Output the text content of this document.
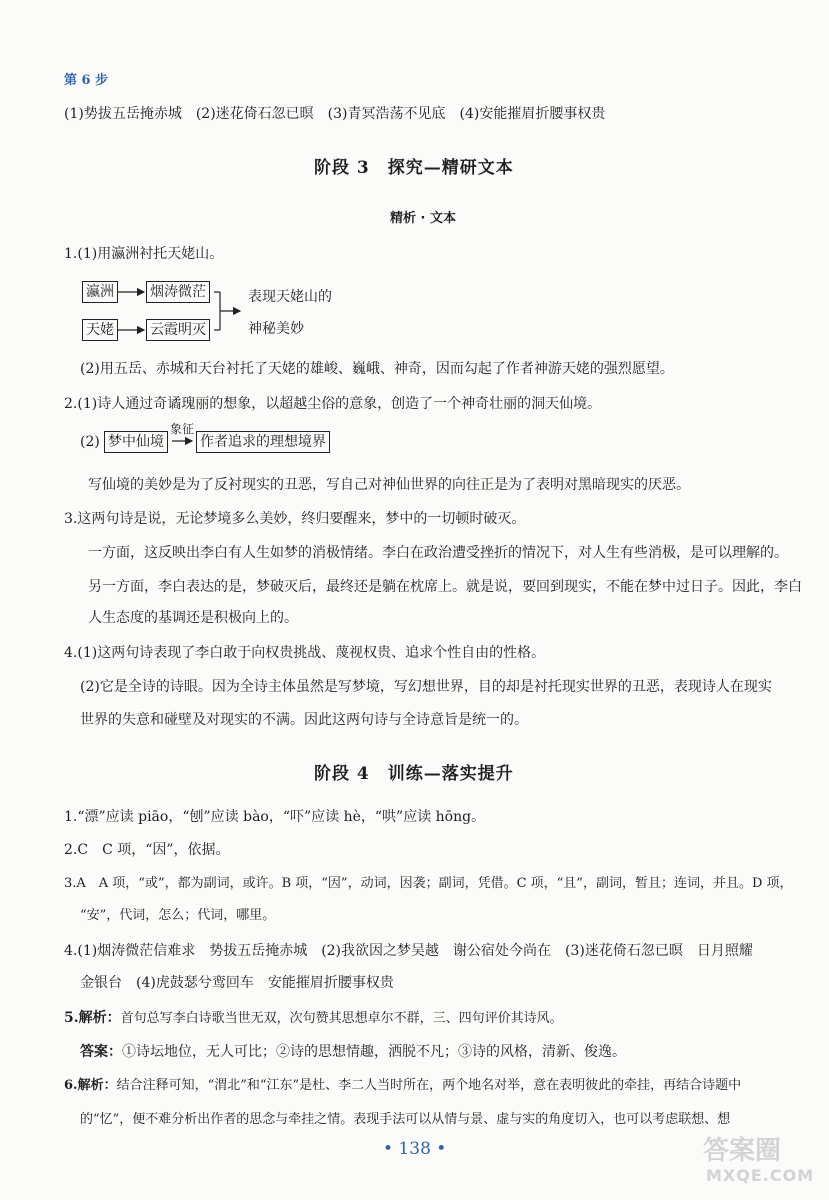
第 6 步
(1)势拔五岳掩赤城　(2)迷花倚石忽已暝　(3)青冥浩荡不见底　(4)安能摧眉折腰事权贵
阶段 3　探究—精研文本
精析 · 文本
1.(1)用瀛洲衬托天姥山。
瀛洲	烟涛微茫
天姥	云霞明灭
表现天姥山的
神秘美妙
(2)用五岳、赤城和天台衬托了天姥的雄峻、巍峨、神奇，因而勾起了作者神游天姥的强烈愿望。
2.(1)诗人通过奇谲瑰丽的想象，以超越尘俗的意象，创造了一个神奇壮丽的洞天仙境。
(2) 梦中仙境
象征
作者追求的理想境界
写仙境的美妙是为了反衬现实的丑恶，写自己对神仙世界的向往正是为了表明对黑暗现实的厌恶。
3.这两句诗是说，无论梦境多么美妙，终归要醒来，梦中的一切顿时破灭。
一方面，这反映出李白有人生如梦的消极情绪。李白在政治遭受挫折的情况下，对人生有些消极，是可以理解的。
另一方面，李白表达的是，梦破灭后，最终还是躺在枕席上。就是说，要回到现实，不能在梦中过日子。因此，李白
人生态度的基调还是积极向上的。
4.(1)这两句诗表现了李白敢于向权贵挑战、蔑视权贵、追求个性自由的性格。
(2)它是全诗的诗眼。因为全诗主体虽然是写梦境，写幻想世界，目的却是衬托现实世界的丑恶，表现诗人在现实
世界的失意和碰壁及对现实的不满。因此这两句诗与全诗意旨是统一的。
阶段 4　训练—落实提升
1.“漂”应读 piāo，“刨”应读 bào，“吓”应读 hè，“哄”应读 hōng。
2.C　C 项，“因”，依据。
3.A　A 项，“或”，都为副词，或许。B 项，“因”，动词，因袭；副词，凭借。C 项，“且”，副词，暂且；连词，并且。D 项，
“安”，代词，怎么；代词，哪里。
4.(1)烟涛微茫信难求　势拔五岳掩赤城　(2)我欲因之梦吴越　谢公宿处今尚在　(3)迷花倚石忽已暝　日月照耀
金银台　(4)虎鼓瑟兮鸾回车　安能摧眉折腰事权贵
5.解析：首句总写李白诗歌当世无双，次句赞其思想卓尔不群，三、四句评价其诗风。
答案：①诗坛地位，无人可比；②诗的思想情趣，洒脱不凡；③诗的风格，清新、俊逸。
6.解析：结合注释可知，“渭北”和“江东”是杜、李二人当时所在，两个地名对举，意在表明彼此的牵挂，再结合诗题中
的“忆”，便不难分析出作者的思念与牵挂之情。表现手法可以从情与景、虚与实的角度切入，也可以考虑联想、想
• 138 •	答案圈
MXQE.COM
